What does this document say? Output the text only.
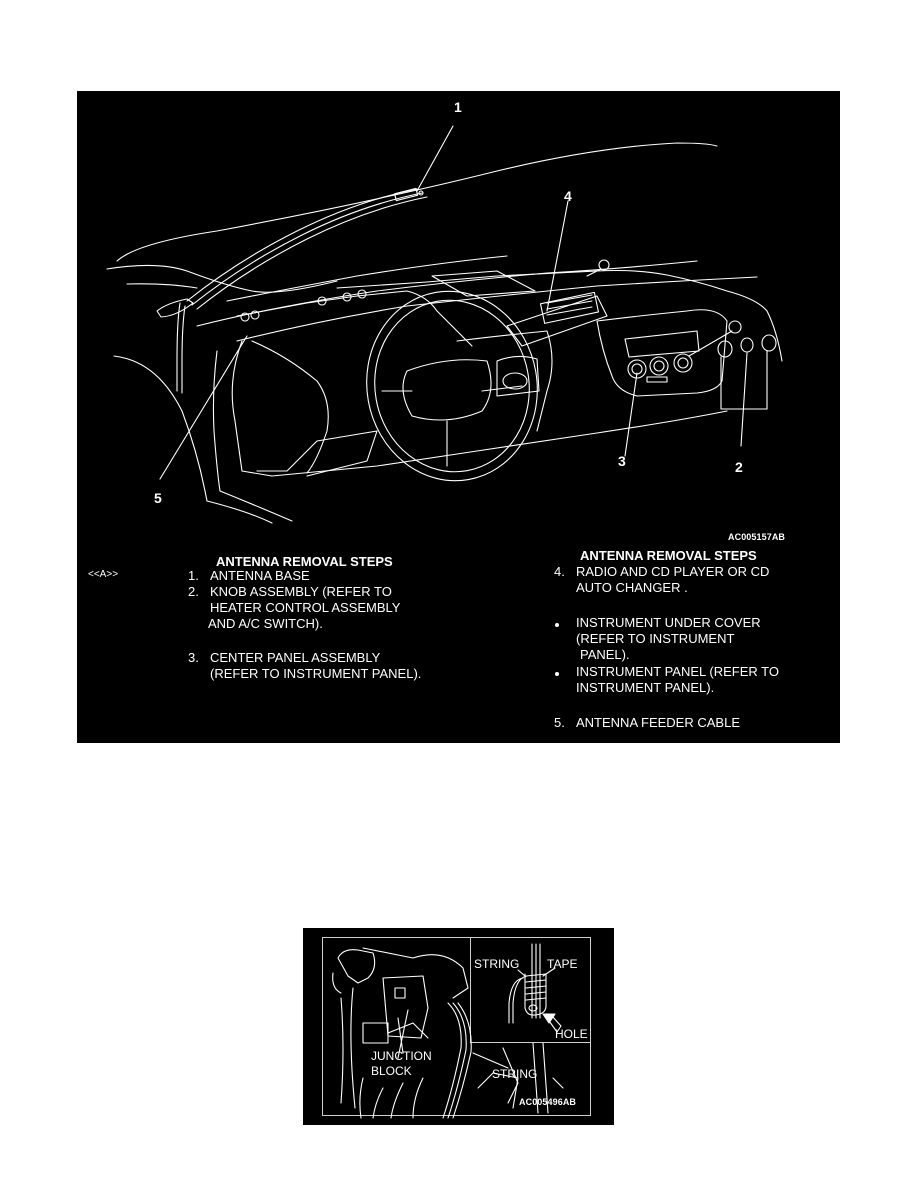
1
2
3
4
5
AC005157AB
ANTENNA REMOVAL STEPS
<<A>>	1. ANTENNA BASE
2. KNOB ASSEMBLY (REFER TO
HEATER CONTROL ASSEMBLY
AND A/C SWITCH).
3. CENTER PANEL ASSEMBLY
(REFER TO INSTRUMENT PANEL).
ANTENNA REMOVAL STEPS
4. RADIO AND CD PLAYER OR CD
AUTO CHANGER .
INSTRUMENT UNDER COVER
(REFER TO INSTRUMENT
PANEL).
INSTRUMENT PANEL (REFER TO
INSTRUMENT PANEL).
5. ANTENNA FEEDER CABLE
STRING TAPE
HOLE
JUNCTION
BLOCK	STRING
AC005496AB
